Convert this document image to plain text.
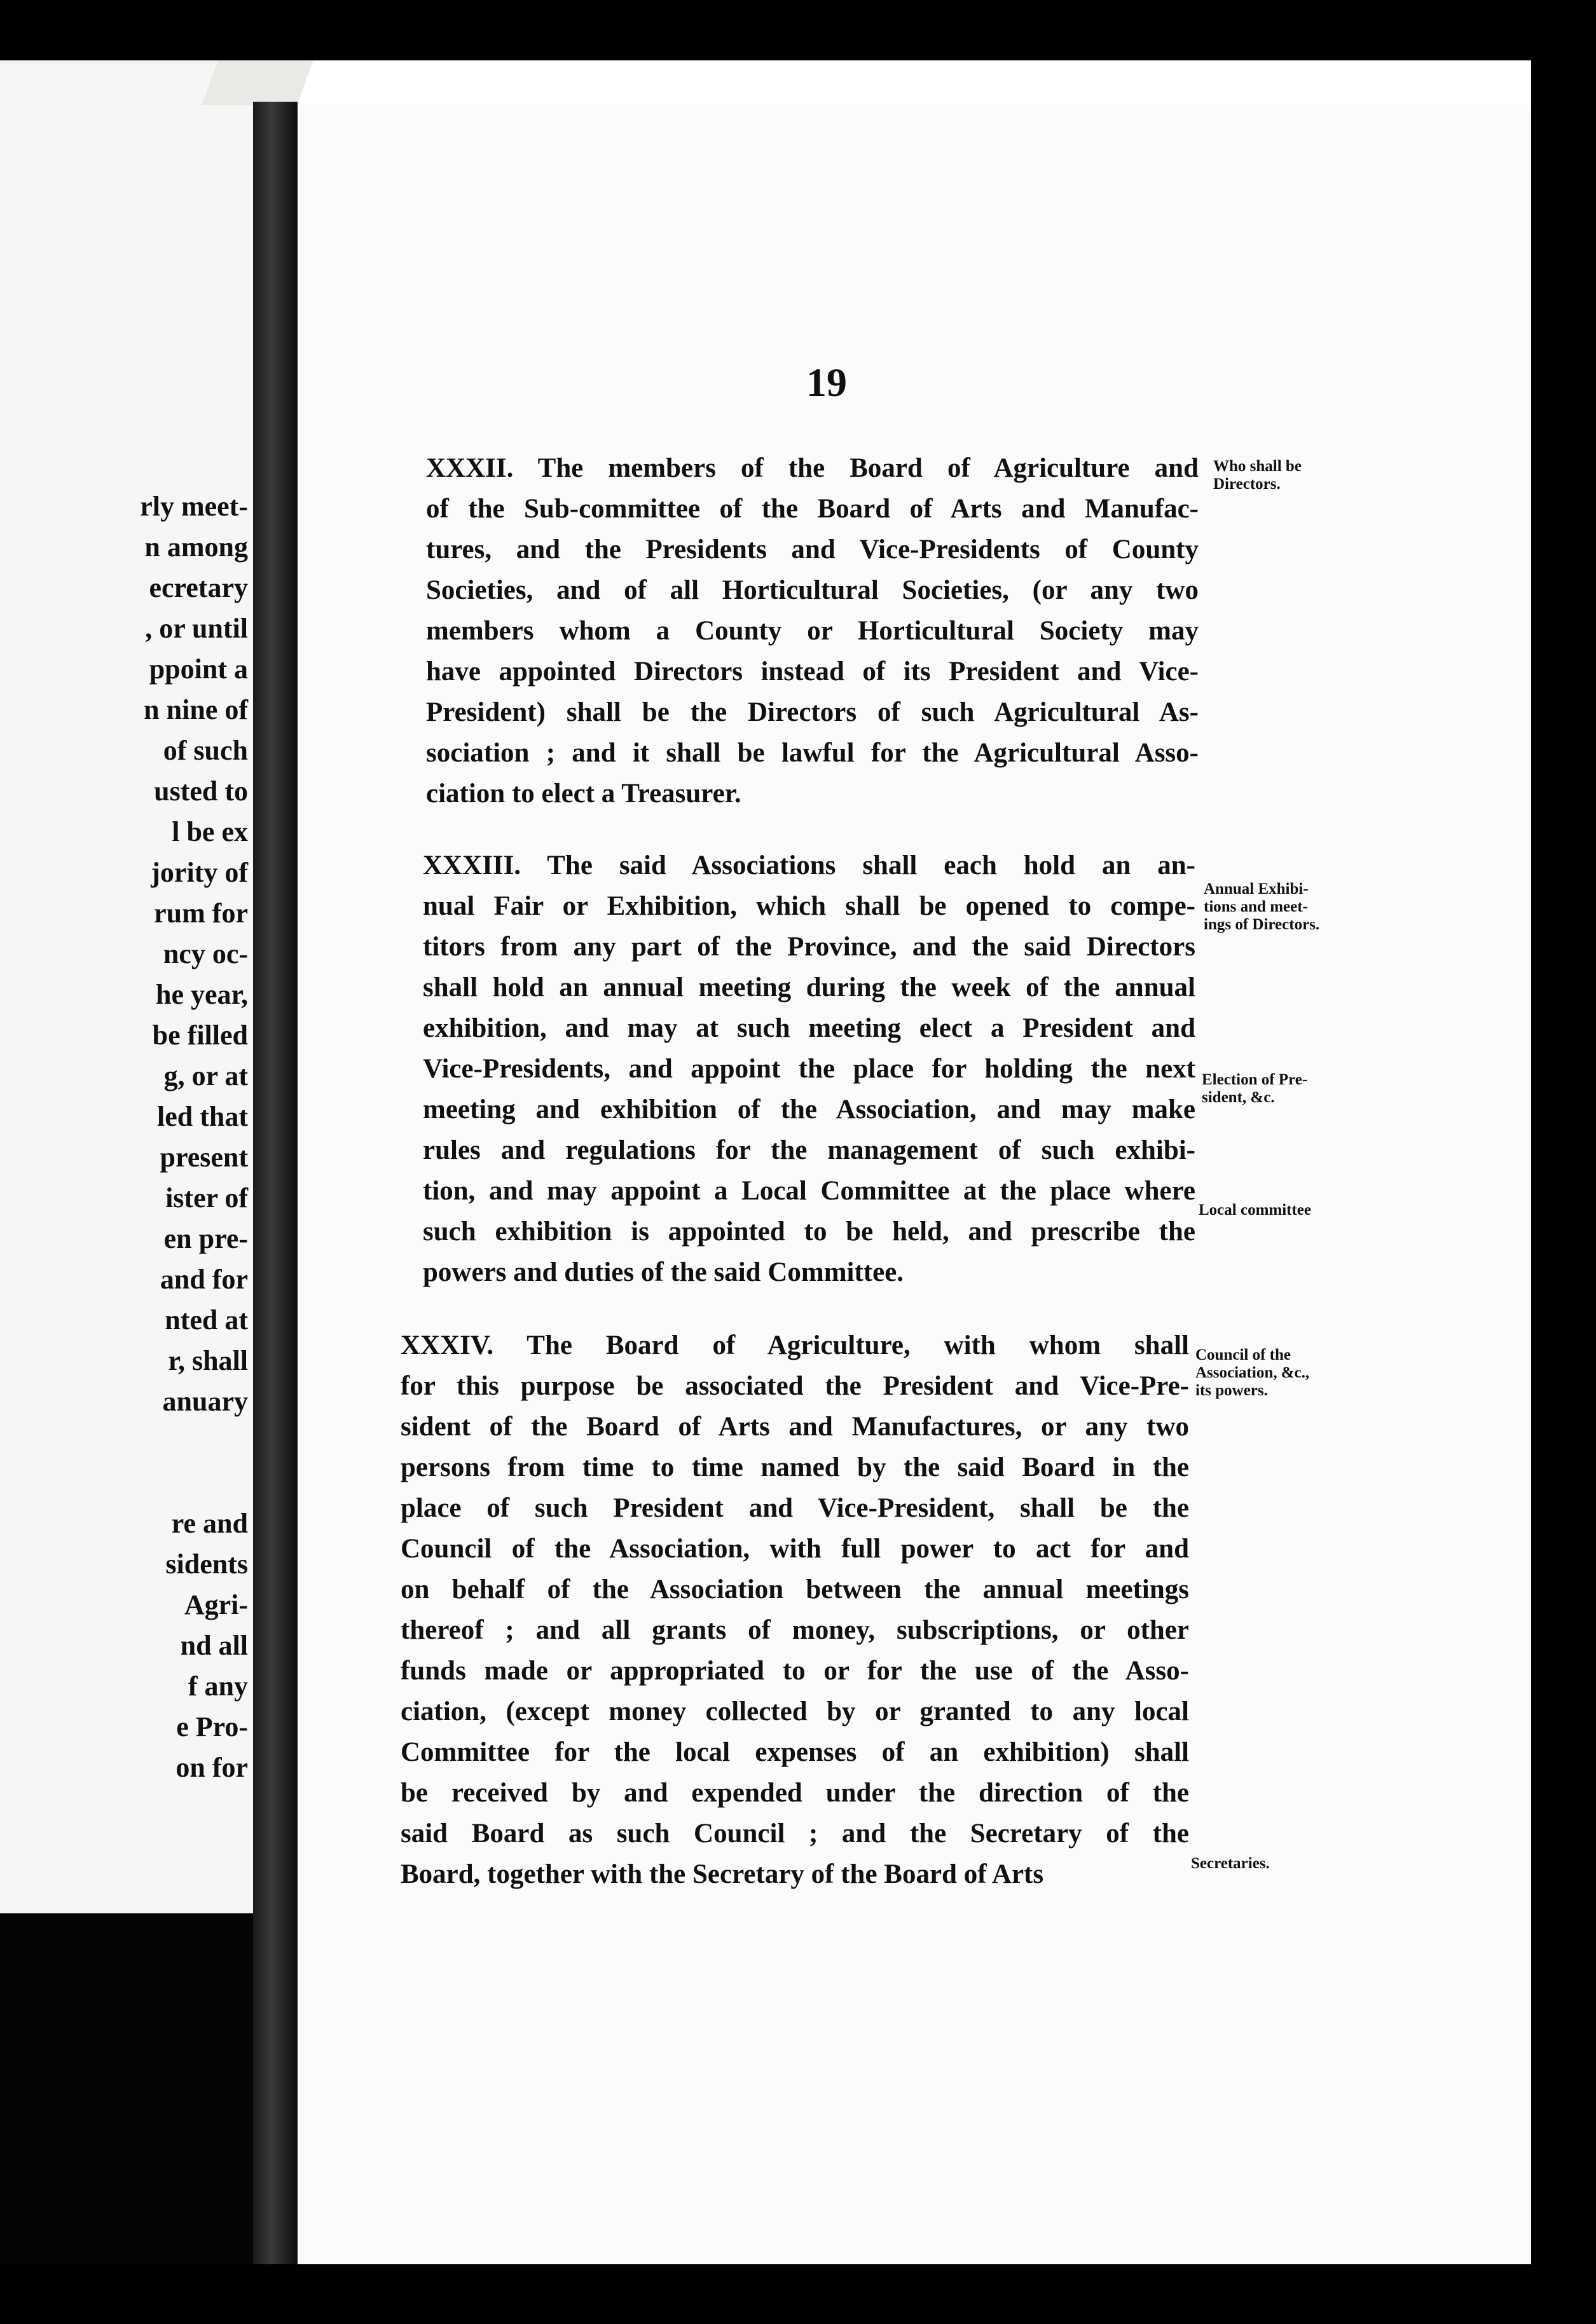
rly meet-
n among
ecretary
, or until
ppoint a
n nine of
of such
usted to
l be ex
jority of
rum for
ncy oc-
he year,
be filled
g, or at
led that
present
ister of
en pre-
and for
nted at
r, shall
anuary
re and
sidents
Agri-
nd all
f any
e Pro-
on for
19
XXXII. The members of the Board of Agriculture and
of the Sub-committee of the Board of Arts and Manufac-
tures, and the Presidents and Vice-Presidents of County
Societies, and of all Horticultural Societies, (or any two
members whom a County or Horticultural Society may
have appointed Directors instead of its President and Vice-
President) shall be the Directors of such Agricultural As-
sociation ; and it shall be lawful for the Agricultural Asso-
ciation to elect a Treasurer.
XXXIII. The said Associations shall each hold an an-
nual Fair or Exhibition, which shall be opened to compe-
titors from any part of the Province, and the said Directors
shall hold an annual meeting during the week of the annual
exhibition, and may at such meeting elect a President and
Vice-Presidents, and appoint the place for holding the next
meeting and exhibition of the Association, and may make
rules and regulations for the management of such exhibi-
tion, and may appoint a Local Committee at the place where
such exhibition is appointed to be held, and prescribe the
powers and duties of the said Committee.
XXXIV. The Board of Agriculture, with whom shall
for this purpose be associated the President and Vice-Pre-
sident of the Board of Arts and Manufactures, or any two
persons from time to time named by the said Board in the
place of such President and Vice-President, shall be the
Council of the Association, with full power to act for and
on behalf of the Association between the annual meetings
thereof ; and all grants of money, subscriptions, or other
funds made or appropriated to or for the use of the Asso-
ciation, (except money collected by or granted to any local
Committee for the local expenses of an exhibition) shall
be received by and expended under the direction of the
said Board as such Council ; and the Secretary of the
Board, together with the Secretary of the Board of Arts
Who shall be
Directors.
Annual Exhibi-
tions and meet-
ings of Directors.
Election of Pre-
sident, &c.
Local committee
Council of the
Association, &c.,
its powers.
Secretaries.
